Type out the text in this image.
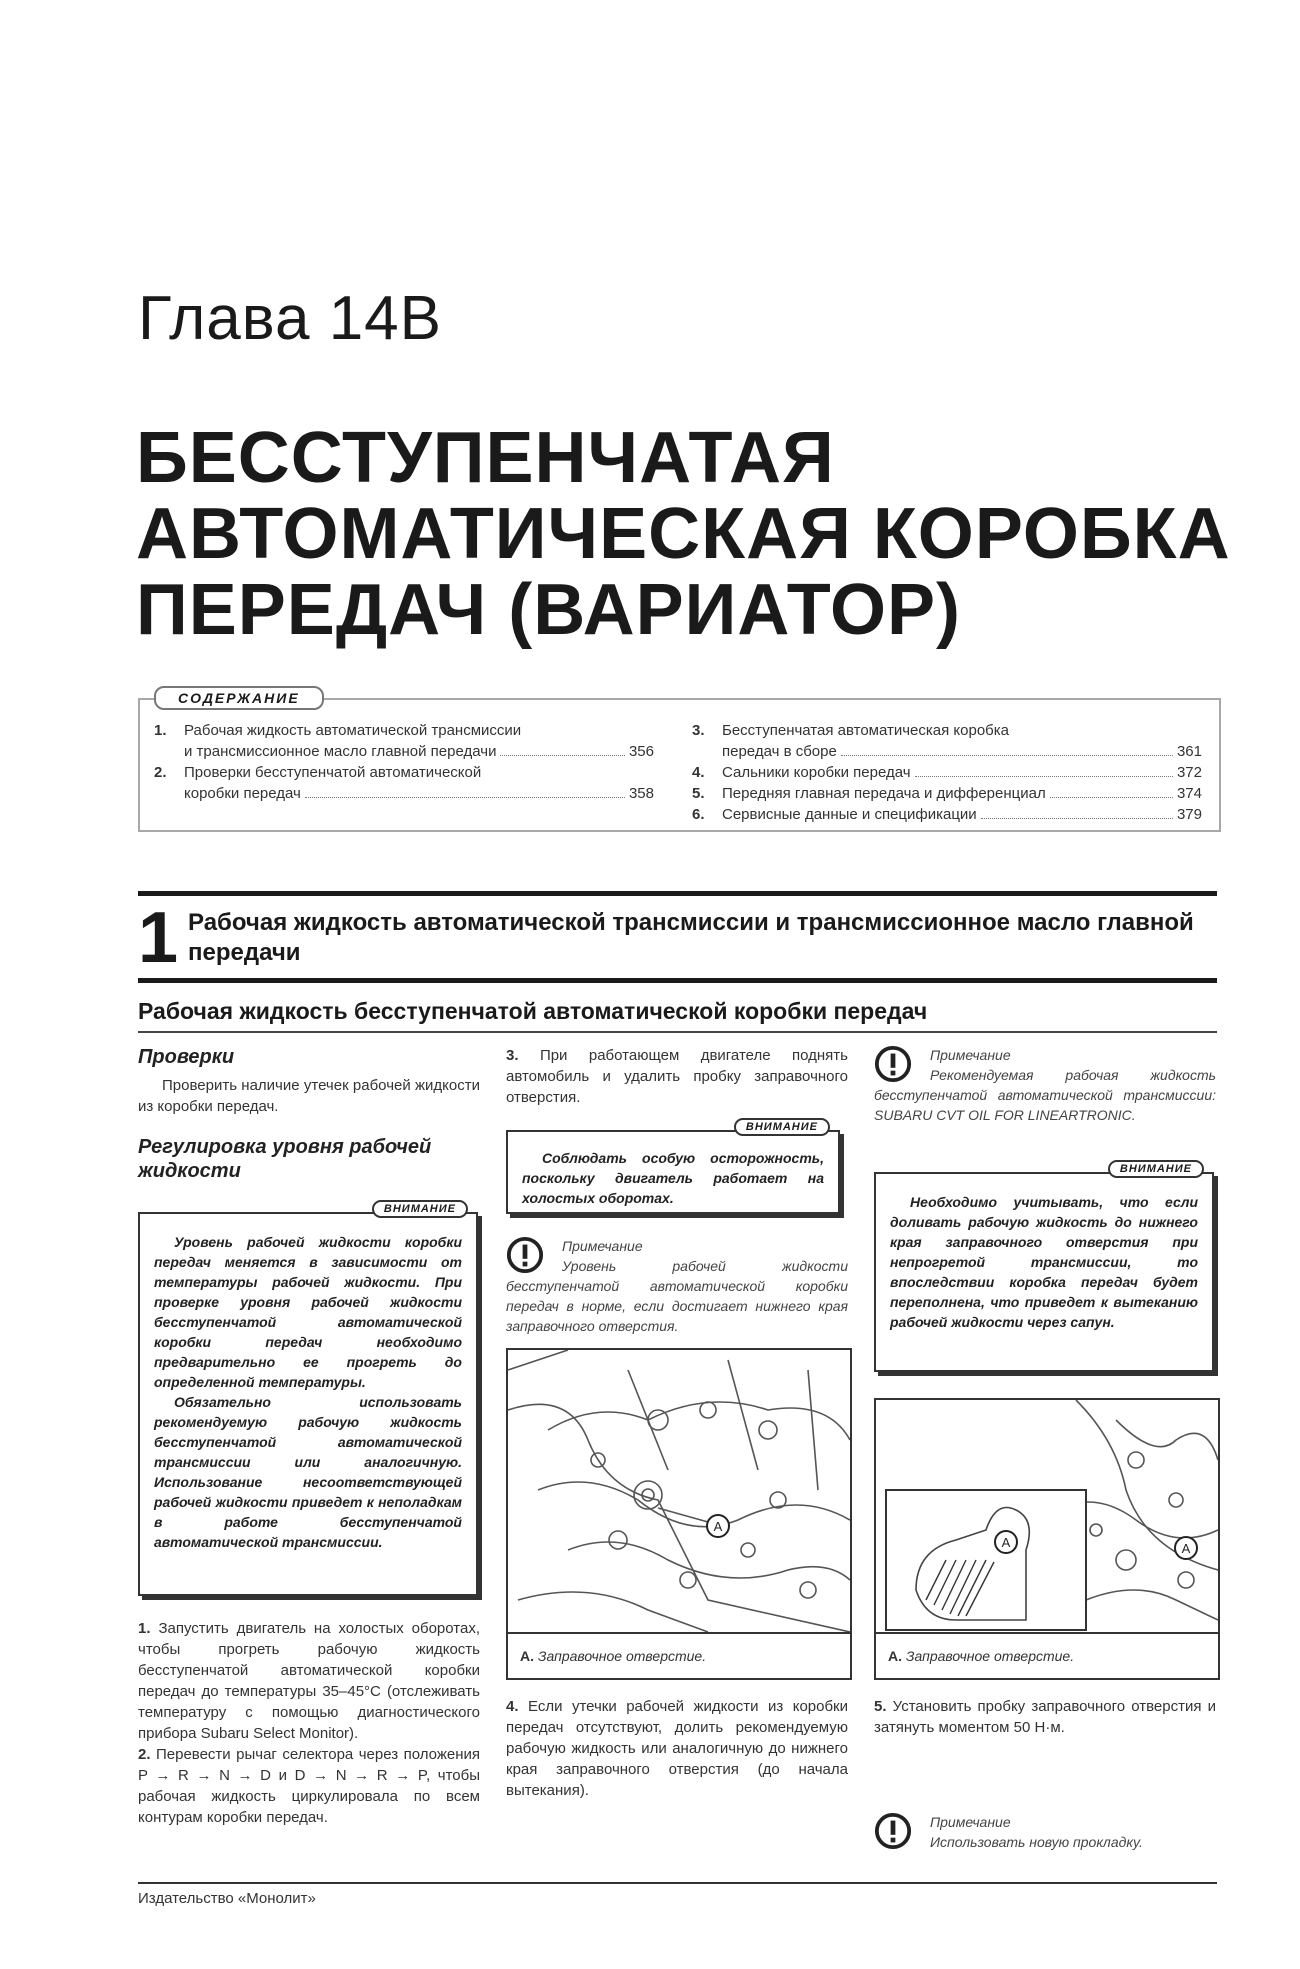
Глава 14В
БЕССТУПЕНЧАТАЯ
АВТОМАТИЧЕСКАЯ КОРОБКА
ПЕРЕДАЧ (ВАРИАТОР)
СОДЕРЖАНИЕ
1.	Рабочая жидкость автоматической трансмиссии
и трансмиссионное масло главной передачи	356
2.	Проверки бесступенчатой автоматической
коробки передач	358
3.	Бесступенчатая автоматическая коробка
передач в сборе	361
4.	Сальники коробки передач	372
5.	Передняя главная передача и дифференциал	374
6.	Сервисные данные и спецификации	379
1 Рабочая жидкость автоматической трансмиссии и трансмиссионное масло главной передачи
Рабочая жидкость бесступенчатой автоматической коробки передач
Проверки
Проверить наличие утечек рабочей жидкости из коробки передач.
Регулировка уровня рабочей жидкости
ВНИМАНИЕ

Уровень рабочей жидкости коробки передач меняется в зависимости от температуры рабочей жидкости. При проверке уровня рабочей жидкости бесступенчатой автоматической коробки передач необходимо предварительно ее прогреть до определенной температуры.

Обязательно использовать рекомендуемую рабочую жидкость бесступенчатой автоматической трансмиссии или аналогичную. Использование несоответствующей рабочей жидкости приведет к неполадкам в работе бесступенчатой автоматической трансмиссии.

1. Запустить двигатель на холостых оборотах, чтобы прогреть рабочую жидкость бесступенчатой автоматической коробки передач до температуры 35–45°С (отслеживать температуру с помощью диагностического прибора Subaru Select Monitor).
2. Перевести рычаг селектора через положения P → R → N → D и D → N → R → P, чтобы рабочая жидкость циркулировала по всем контурам коробки передач.
3. При работающем двигателе поднять автомобиль и удалить пробку заправочного отверстия.
ВНИМАНИЕ

Соблюдать особую осторожность, поскольку двигатель работает на холостых оборотах.

Примечание
Уровень рабочей жидкости бесступенчатой автоматической коробки передач в норме, если достигает нижнего края заправочного отверстия.
A
A. Заправочное отверстие.
4. Если утечки рабочей жидкости из коробки передач отсутствуют, долить рекомендуемую рабочую жидкость или аналогичную до нижнего края заправочного отверстия (до начала вытекания).
Примечание
Рекомендуемая рабочая жидкость бесступенчатой автоматической трансмиссии: SUBARU CVT OIL FOR LINEARTRONIC.
ВНИМАНИЕ

Необходимо учитывать, что если доливать рабочую жидкость до нижнего края заправочного отверстия при непрогретой трансмиссии, то впоследствии коробка передач будет переполнена, что приведет к вытеканию рабочей жидкости через сапун.

A	A
A. Заправочное отверстие.
5. Установить пробку заправочного отверстия и затянуть моментом 50 Н·м.
Примечание
Использовать новую прокладку.
Издательство «Монолит»
